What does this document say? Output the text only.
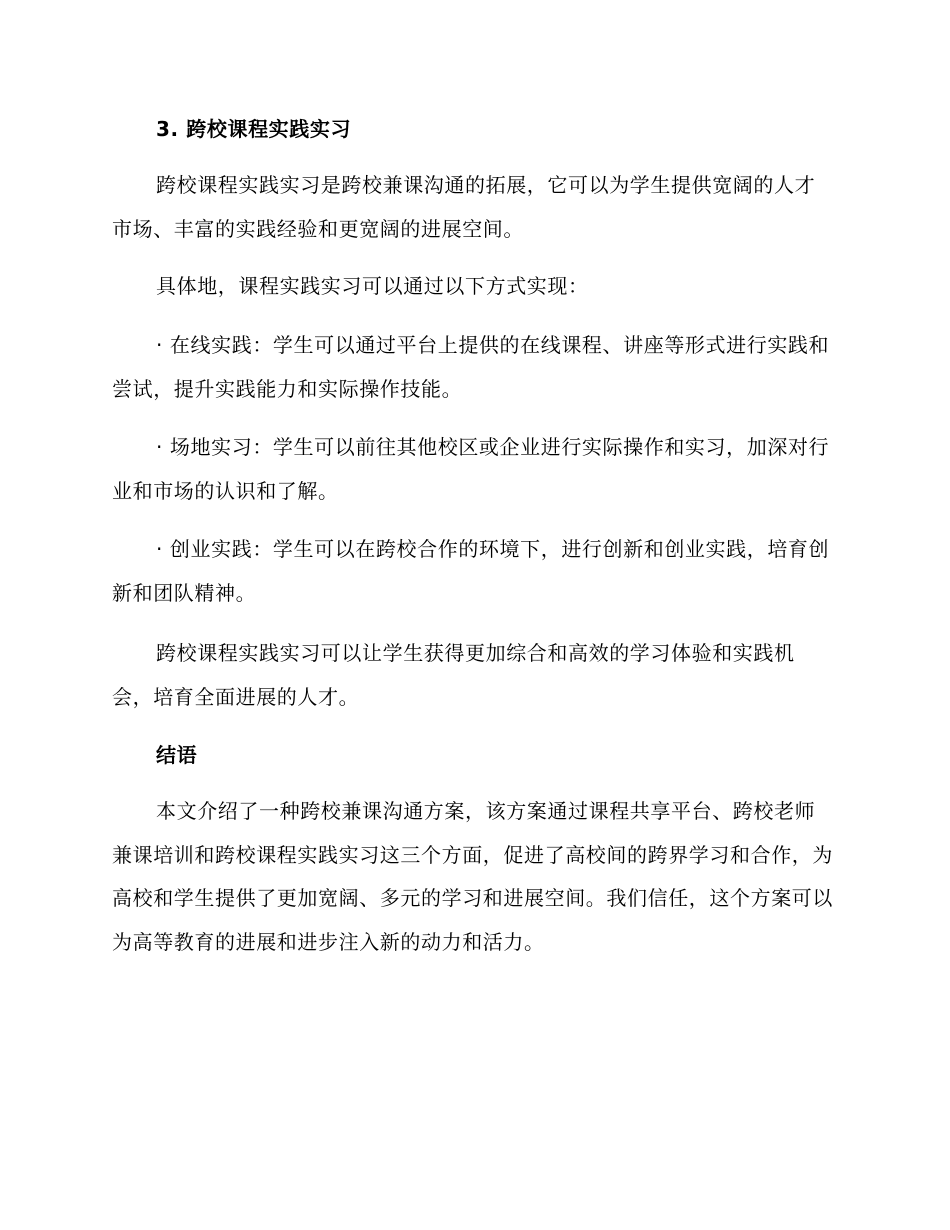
3. 跨校课程实践实习

跨校课程实践实习是跨校兼课沟通的拓展，它可以为学生提供宽阔的人才市场、丰富的实践经验和更宽阔的进展空间。

具体地，课程实践实习可以通过以下方式实现：

· 在线实践：学生可以通过平台上提供的在线课程、讲座等形式进行实践和尝试，提升实践能力和实际操作技能。

· 场地实习：学生可以前往其他校区或企业进行实际操作和实习，加深对行业和市场的认识和了解。

· 创业实践：学生可以在跨校合作的环境下，进行创新和创业实践，培育创新和团队精神。

跨校课程实践实习可以让学生获得更加综合和高效的学习体验和实践机会，培育全面进展的人才。

结语

本文介绍了一种跨校兼课沟通方案，该方案通过课程共享平台、跨校老师兼课培训和跨校课程实践实习这三个方面，促进了高校间的跨界学习和合作，为高校和学生提供了更加宽阔、多元的学习和进展空间。我们信任，这个方案可以为高等教育的进展和进步注入新的动力和活力。
